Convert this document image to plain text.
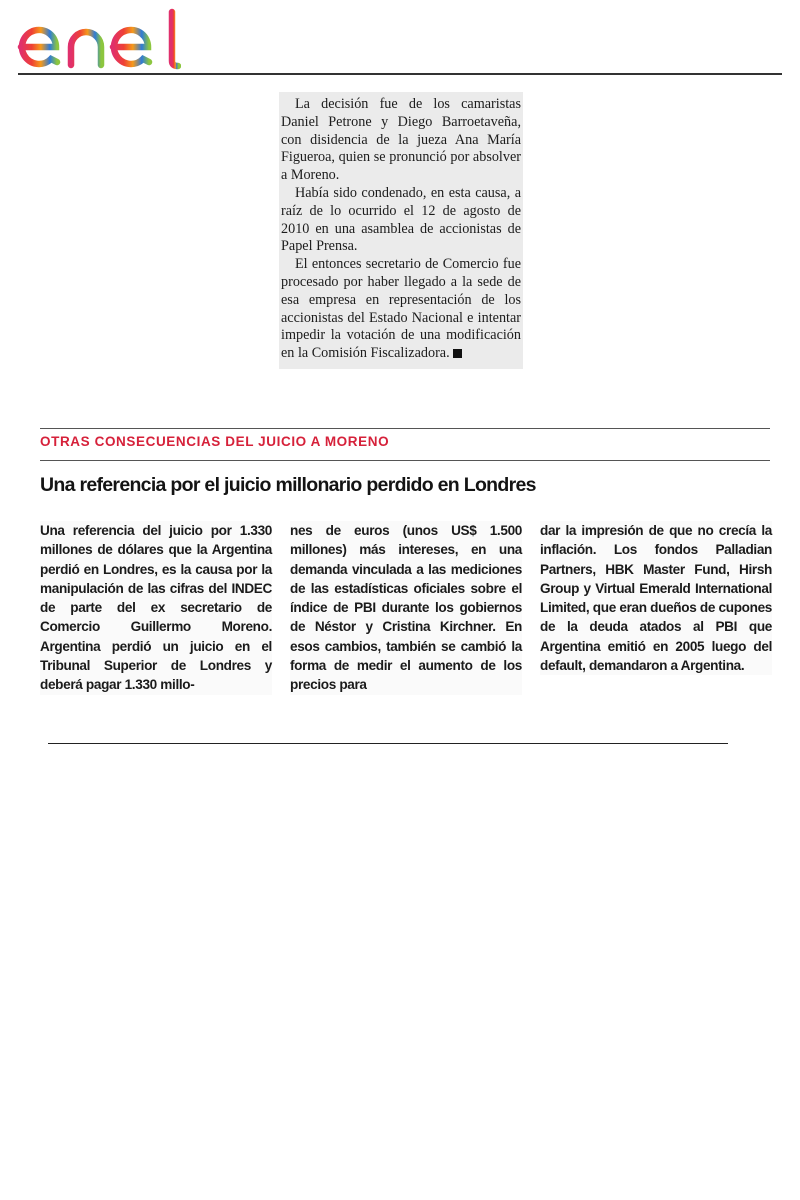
La decisión fue de los camaristas Daniel Petrone y Diego Barroetaveña, con disidencia de la jueza Ana María Figueroa, quien se pronunció por absolver a Moreno.

Había sido condenado, en esta causa, a raíz de lo ocurrido el 12 de agosto de 2010 en una asamblea de accionistas de Papel Prensa.

El entonces secretario de Comercio fue procesado por haber llegado a la sede de esa empresa en representación de los accionistas del Estado Nacional e intentar impedir la votación de una modificación en la Comisión Fiscalizadora.

OTRAS CONSECUENCIAS DEL JUICIO A MORENO
Una referencia por el juicio millonario perdido en Londres
Una referencia del juicio por 1.330 millones de dólares que la Argentina perdió en Londres, es la causa por la manipulación de las cifras del INDEC de parte del ex secretario de Comercio Guillermo Moreno. Argentina perdió un juicio en el Tribunal Superior de Londres y deberá pagar 1.330 millo-
nes de euros (unos US$ 1.500 millones) más intereses, en una demanda vinculada a las mediciones de las estadísticas oficiales sobre el índice de PBI durante los gobiernos de Néstor y Cristina Kirchner. En esos cambios, también se cambió la forma de medir el aumento de los precios para
dar la impresión de que no crecía la inflación. Los fondos Palladian Partners, HBK Master Fund, Hirsh Group y Virtual Emerald International Limited, que eran dueños de cupones de la deuda atados al PBI que Argentina emitió en 2005 luego del default, demandaron a Argentina.
